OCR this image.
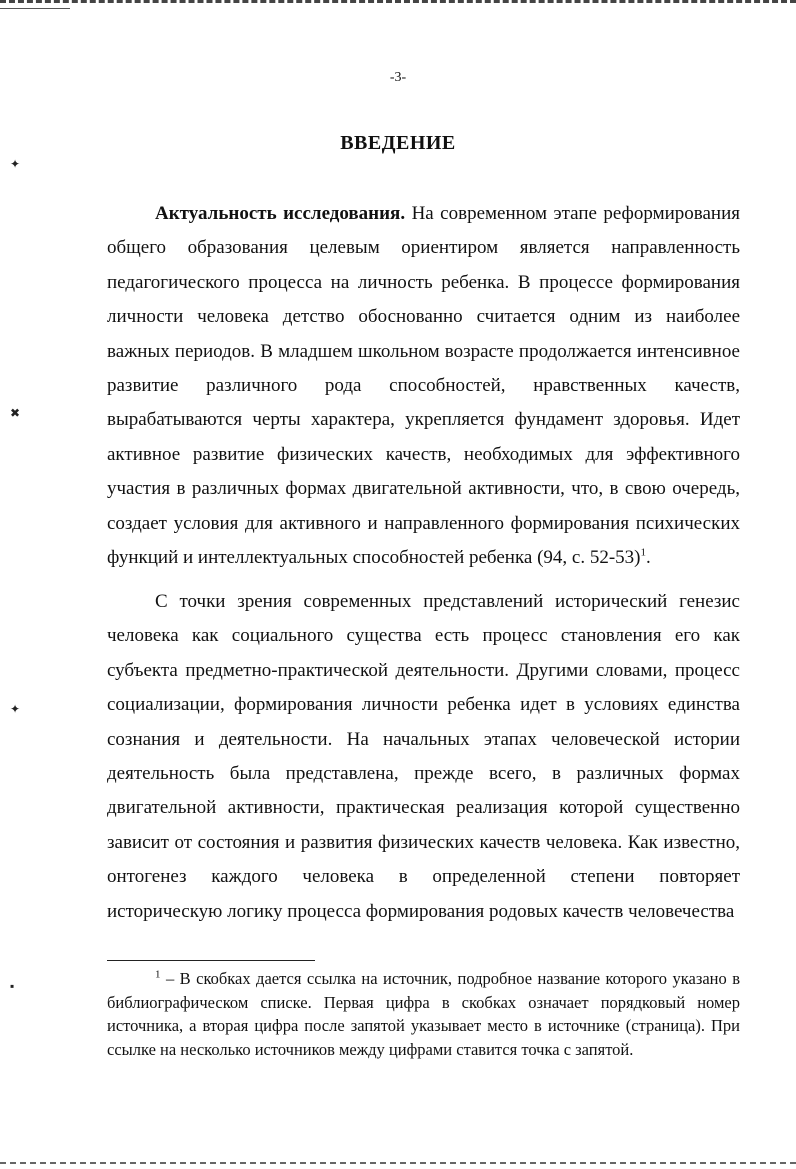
✦
✖
✦
▪
-3-
ВВЕДЕНИЕ

Актуальность исследования. На современном этапе реформирования общего образования целевым ориентиром является направленность педагогического процесса на личность ребенка. В процессе формирования личности человека детство обоснованно считается одним из наиболее важных периодов. В младшем школьном возрасте продолжается интенсивное развитие различного рода способностей, нравственных качеств, вырабатываются черты характера, укрепляется фундамент здоровья. Идет активное развитие физических качеств, необходимых для эффективного участия в различных формах двигательной активности, что, в свою очередь, создает условия для активного и направленного формирования психических функций и интеллектуальных способностей ребенка (94, с. 52-53)$^1$.

С точки зрения современных представлений исторический генезис человека как социального существа есть процесс становления его как субъекта предметно-практической деятельности. Другими словами, процесс социализации, формирования личности ребенка идет в условиях единства сознания и деятельности. На начальных этапах человеческой истории деятельность была представлена, прежде всего, в различных формах двигательной активности, практическая реализация которой существенно зависит от состояния и развития физических качеств человека. Как известно, онтогенез каждого человека в определенной степени повторяет историческую логику процесса формирования родовых качеств человечества

$^1$ – В скобках дается ссылка на источник, подробное название которого указано в библиографическом списке. Первая цифра в скобках означает порядковый номер источника, а вторая цифра после запятой указывает место в источнике (страница). При ссылке на несколько источников между цифрами ставится точка с запятой.
